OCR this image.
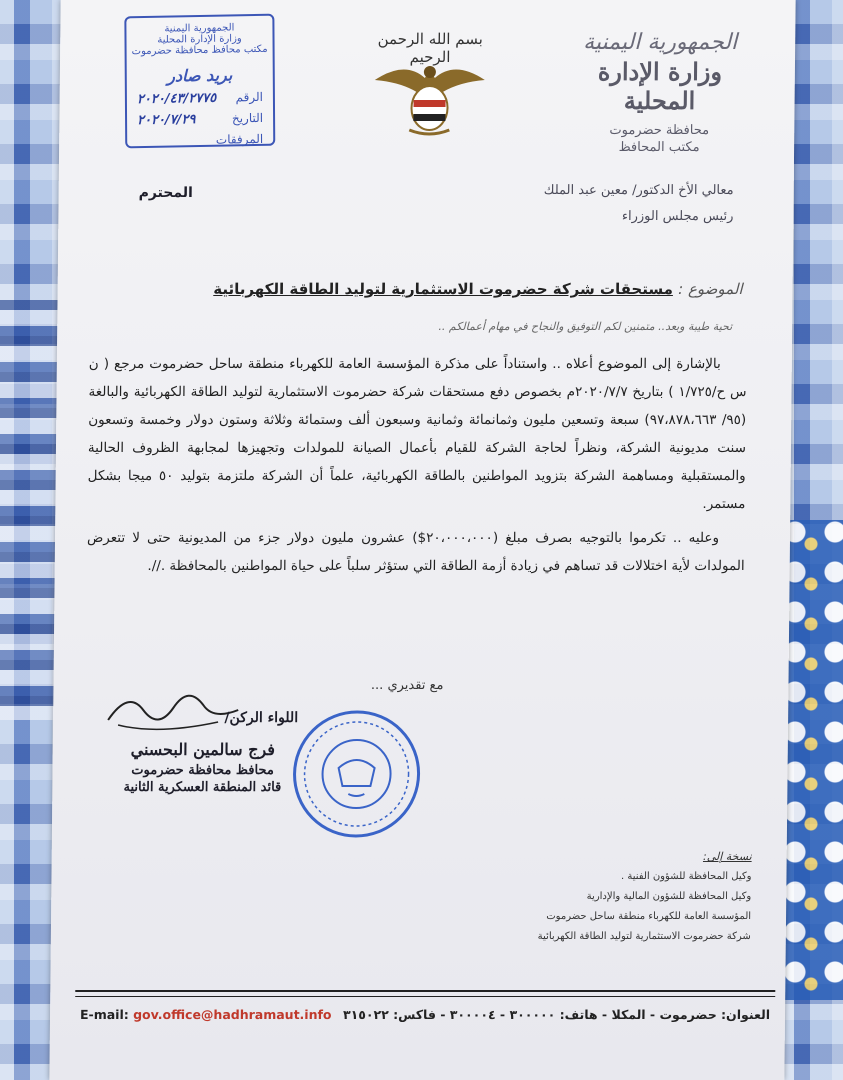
الجمهورية اليمنية
وزارة الإدارة المحلية
محافظة حضرموت
مكتب المحافظ
بسم الله الرحمن الرحيم
الجمهورية اليمنية
وزارة الإدارة المحلية
مكتب محافظ محافظة حضرموت
بريد صادر
الرقم
٢٠٢٠/٤٣/٢٧٧٥
التاريخ
٢٠٢٠/٧/٢٩
المرفقات
المحترم	معالي الأخ الدكتور/ معين عبد الملك
رئيس مجلس الوزراء
الموضوع : مستحقات شركة حضرموت الاستثمارية لتوليد الطاقة الكهربائية
تحية طيبة وبعد.. متمنين لكم التوفيق والنجاح في مهام أعمالكم ..

بالإشارة إلى الموضوع أعلاه .. واستناداً على مذكرة المؤسسة العامة للكهرباء منطقة ساحل حضرموت مرجع ( ن س ح/١/٧٢٥ ) بتاريخ ٢٠٢٠/٧/٧م بخصوص دفع مستحقات شركة حضرموت الاستثمارية لتوليد الطاقة الكهربائية والبالغة (٩٥/ ٩٧،٨٧٨،٦٦٣) سبعة وتسعين مليون وثمانمائة وثمانية وسبعون ألف وستمائة وثلاثة وستون دولار وخمسة وتسعون سنت مديونية الشركة، ونظراً لحاجة الشركة للقيام بأعمال الصيانة للمولدات وتجهيزها لمجابهة الظروف الحالية والمستقبلية ومساهمة الشركة بتزويد المواطنين بالطاقة الكهربائية، علماً أن الشركة ملتزمة بتوليد ٥٠ ميجا بشكل مستمر.

وعليه .. تكرموا بالتوجيه بصرف مبلغ (٢٠،٠٠٠،٠٠٠$) عشرون مليون دولار جزء من المديونية حتى لا تتعرض المولدات لأية اختلالات قد تساهم في زيادة أزمة الطاقة التي ستؤثر سلباً على حياة المواطنين بالمحافظة .//.

مع تقديري ...
اللواء الركن/
فرج سالمين البحسني
محافظ محافظة حضرموت
قائد المنطقة العسكرية الثانية
نسخة إلى:
وكيل المحافظة للشؤون الفنية .
وكيل المحافظة للشؤون المالية والإدارية
المؤسسة العامة للكهرباء منطقة ساحل حضرموت
شركة حضرموت الاستثمارية لتوليد الطاقة الكهربائية
العنوان: حضرموت - المكلا - هاتف: ٣٠٠٠٠٠ - ٣٠٠٠٠٤ - فاكس: ٣١٥٠٢٢
E-mail: gov.office@hadhramaut.info
